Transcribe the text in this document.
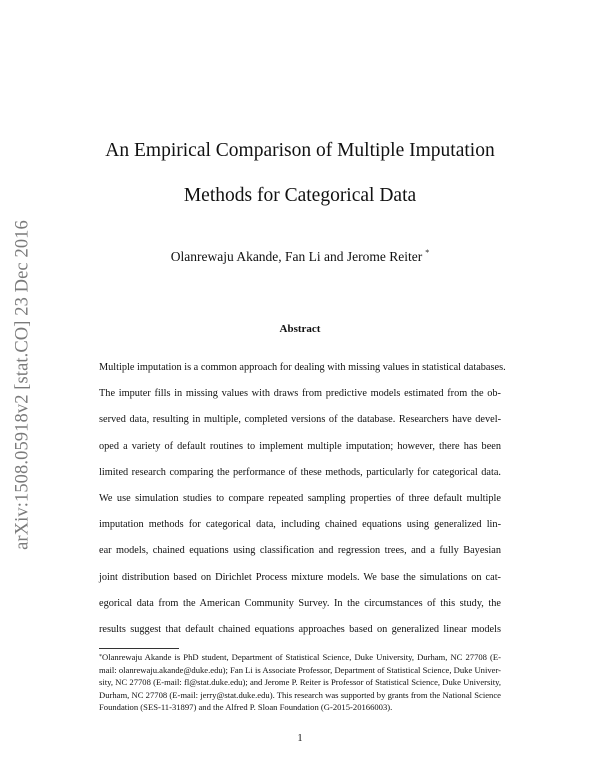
arXiv:1508.05918v2 [stat.CO] 23 Dec 2016
An Empirical Comparison of Multiple Imputation
Methods for Categorical Data
Olanrewaju Akande, Fan Li and Jerome Reiter *
Abstract
Multiple imputation is a common approach for dealing with missing values in statistical databases.
The imputer fills in missing values with draws from predictive models estimated from the ob-
served data, resulting in multiple, completed versions of the database. Researchers have devel-
oped a variety of default routines to implement multiple imputation; however, there has been
limited research comparing the performance of these methods, particularly for categorical data.
We use simulation studies to compare repeated sampling properties of three default multiple
imputation methods for categorical data, including chained equations using generalized lin-
ear models, chained equations using classification and regression trees, and a fully Bayesian
joint distribution based on Dirichlet Process mixture models. We base the simulations on cat-
egorical data from the American Community Survey. In the circumstances of this study, the
results suggest that default chained equations approaches based on generalized linear models
*Olanrewaju Akande is PhD student, Department of Statistical Science, Duke University, Durham, NC 27708 (E-
mail: olanrewaju.akande@duke.edu); Fan Li is Associate Professor, Department of Statistical Science, Duke Univer-
sity, NC 27708 (E-mail: fl@stat.duke.edu); and Jerome P. Reiter is Professor of Statistical Science, Duke University,
Durham, NC 27708 (E-mail: jerry@stat.duke.edu). This research was supported by grants from the National Science
Foundation (SES-11-31897) and the Alfred P. Sloan Foundation (G-2015-20166003).
1
